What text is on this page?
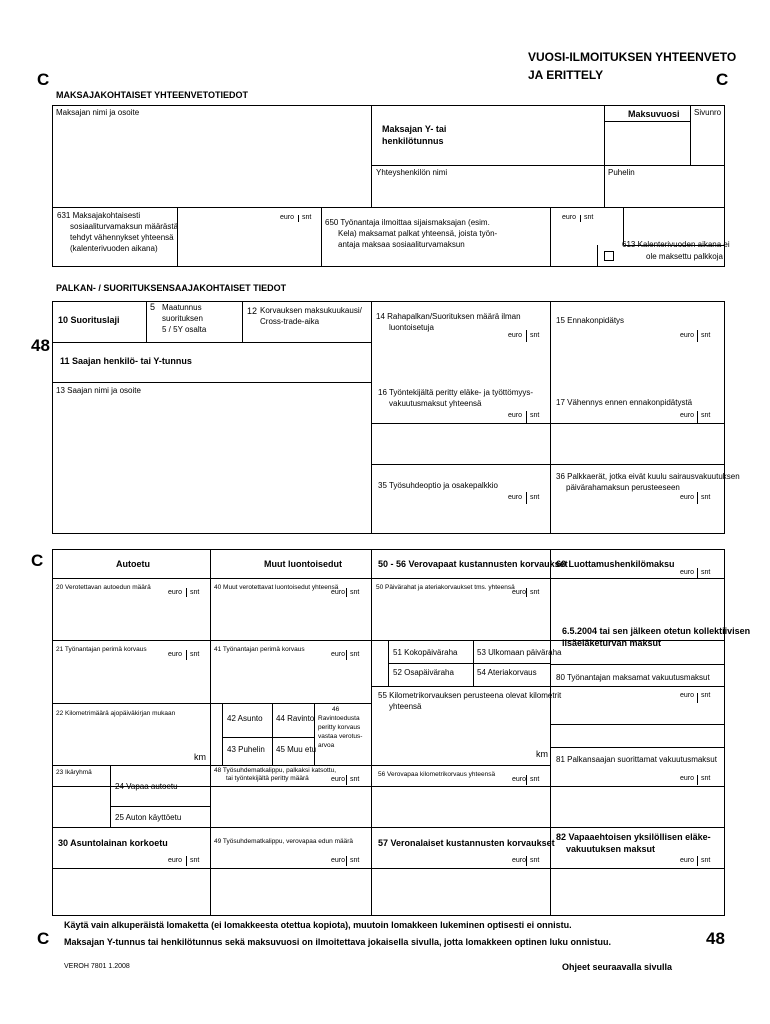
C	C
VUOSI-ILMOITUKSEN YHTEENVETO
JA ERITTELY
MAKSAJAKOHTAISET YHTEENVETOTIEDOT
Maksajan nimi ja osoite
Maksajan Y- tai
henkilötunnus
Maksuvuosi Sivunro
Yhteyshenkilön nimi	Puhelin
631 Maksajakohtaisesti
sosiaaliturvamaksun määrästä
tehdyt vähennykset yhteensä
(kalenterivuoden aikana)
euro snt
650 Työnantaja ilmoittaa sijaismaksajan (esim.
Kela) maksamat palkat yhteensä, joista työn-
antaja maksaa sosiaaliturvamaksun
euro snt
613 Kalenterivuoden aikana ei
ole maksettu palkkoja
PALKAN- / SUORITUKSENSAAJAKOHTAISET TIEDOT
10 Suorituslaji
5 Maatunnus
suorituksen
5 / 5Y osalta
12 Korvauksen maksukuukausi/
Cross-trade-aika
14 Rahapalkan/Suorituksen määrä ilman
luontoisetuja
euro snt
15 Ennakonpidätys
euro snt
48
11 Saajan henkilö- tai Y-tunnus
13 Saajan nimi ja osoite	16 Työntekijältä peritty eläke- ja työttömyys-
vakuutusmaksut yhteensä
euro snt
17 Vähennys ennen ennakonpidätystä
euro snt
35 Työsuhdeoptio ja osakepalkkio
euro snt
36 Palkkaerät, jotka eivät kuulu sairausvakuutuksen
päivärahamaksun perusteeseen
euro snt
C	Autoetu	Muut luontoisedut	50 - 56 Verovapaat kustannusten korvaukset
60 Luottamushenkilömaksu
euro snt
20 Verotettavan autoedun määrä
euro snt
40 Muut verotettavat luontoisedut yhteensä
euro snt
50 Päivärahat ja ateriakorvaukset tms. yhteensä
euro snt
6.5.2004 tai sen jälkeen otetun kollektiivisen
lisäeläketurvan maksut
21 Työnantajan perimä korvaus
euro snt
41 Työnantajan perimä korvaus
euro snt	51 Kokopäiväraha 53 Ulkomaan päiväraha
52 Osapäiväraha	54 Ateriakorvaus
80 Työnantajan maksamat vakuutusmaksut
euro snt
55 Kilometrikorvauksen perusteena olevat kilometrit
yhteensä
22 Kilometrimäärä ajopäiväkirjan mukaan
42 Asunto 44 Ravinto
46
Ravintoedusta
peritty korvaus
vastaa verotus-
arvoa
43 Puhelin 45 Muu etu
km	km
81 Palkansaajan suorittamat vakuutusmaksut
euro snt
23 Ikäryhmä
24 Vapaa autoetu
48 Työsuhdematkalippu, palkaksi katsottu,
tai työntekijältä peritty määrä	euro snt
56 Verovapaa kilometrikorvaus yhteensä
euro snt
25 Auton käyttöetu
30 Asuntolainan korkoetu
euro snt
49 Työsuhdematkalippu, verovapaa edun määrä
euro snt
57 Veronalaiset kustannusten korvaukset
euro snt
82 Vapaaehtoisen yksilöllisen eläke-
vakuutuksen maksut
euro snt
C	48
Käytä vain alkuperäistä lomaketta (ei lomakkeesta otettua kopiota), muutoin lomakkeen lukeminen optisesti ei onnistu.
Maksajan Y-tunnus tai henkilötunnus sekä maksuvuosi on ilmoitettava jokaisella sivulla, jotta lomakkeen optinen luku onnistuu.
VEROH 7801 1.2008	Ohjeet seuraavalla sivulla
